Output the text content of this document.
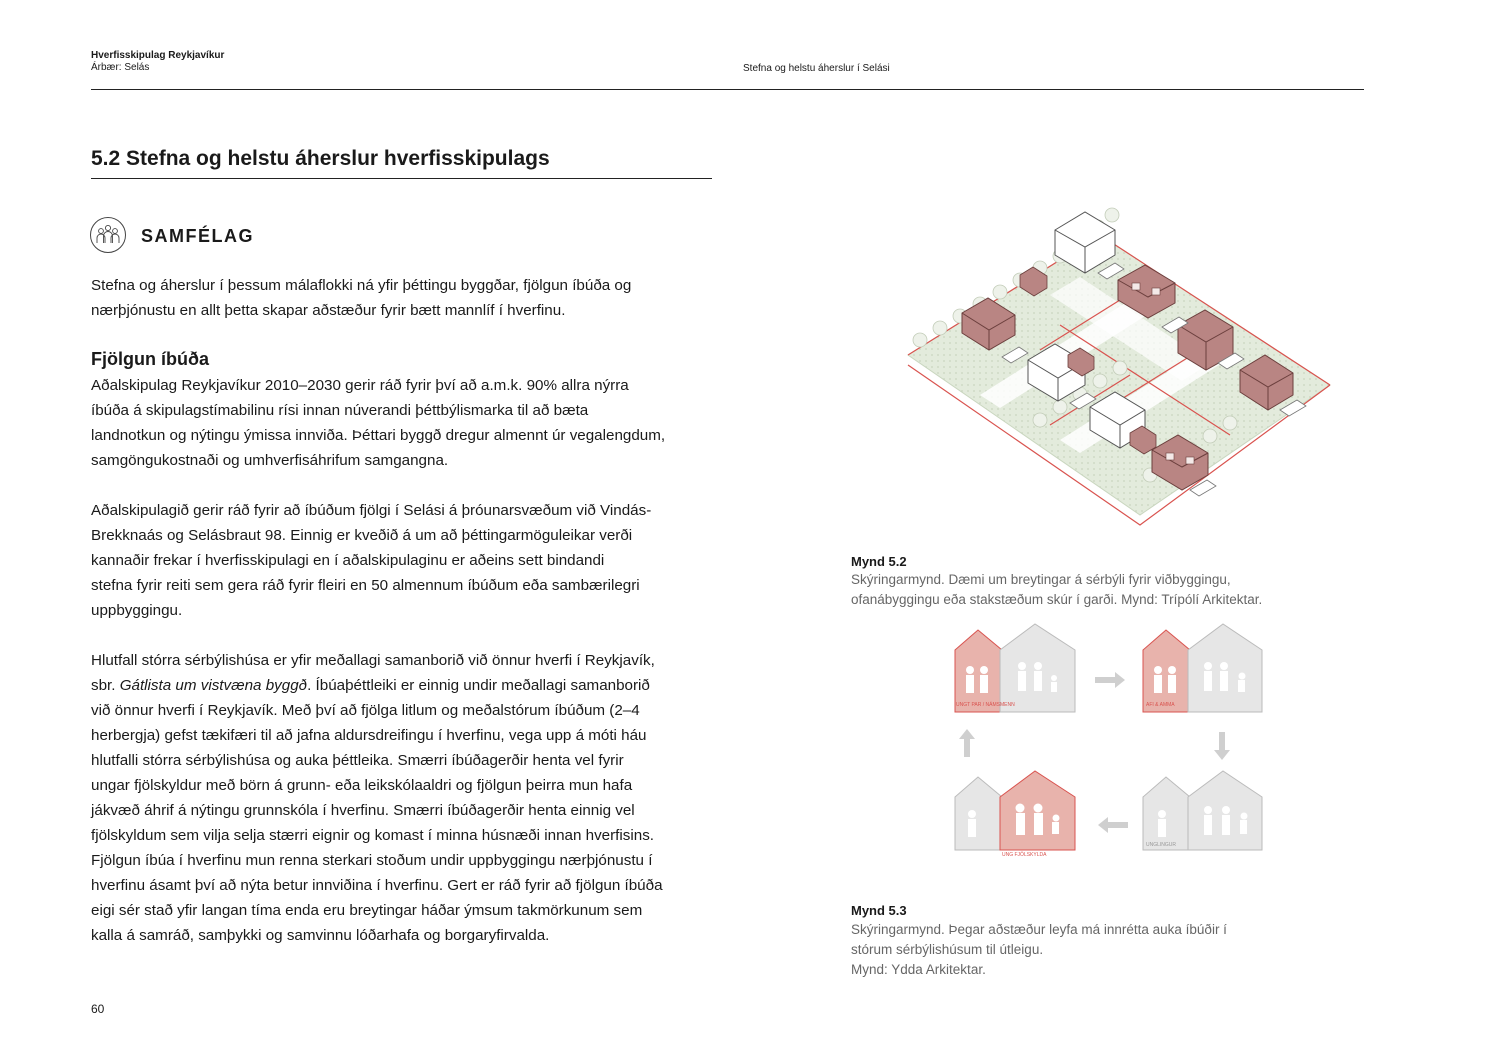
Hverfisskipulag Reykjavíkur
Árbær: Selás	Stefna og helstu áherslur í Selási
5.2 Stefna og helstu áherslur hverfisskipulags
SAMFÉLAG
Stefna og áherslur í þessum málaflokki ná yfir þéttingu byggðar, fjölgun íbúða og
nærþjónustu en allt þetta skapar aðstæður fyrir bætt mannlíf í hverfinu.
Fjölgun íbúða
Aðalskipulag Reykjavíkur 2010–2030 gerir ráð fyrir því að a.m.k. 90% allra nýrra
íbúða á skipulagstímabilinu rísi innan núverandi þéttbýlismarka til að bæta
landnotkun og nýtingu ýmissa innviða. Þéttari byggð dregur almennt úr vegalengdum,
samgöngukostnaði og umhverfisáhrifum samgangna.
Aðalskipulagið gerir ráð fyrir að íbúðum fjölgi í Selási á þróunarsvæðum við Vindás-
Brekknaás og Selásbraut 98. Einnig er kveðið á um að þéttingarmöguleikar verði
kannaðir frekar í hverfisskipulagi en í aðalskipulaginu er aðeins sett bindandi
stefna fyrir reiti sem gera ráð fyrir fleiri en 50 almennum íbúðum eða sambærilegri
uppbyggingu.
Hlutfall stórra sérbýlishúsa er yfir meðallagi samanborið við önnur hverfi í Reykjavík,
sbr. Gátlista um vistvæna byggð. Íbúaþéttleiki er einnig undir meðallagi samanborið
við önnur hverfi í Reykjavík. Með því að fjölga litlum og meðalstórum íbúðum (2–4
herbergja) gefst tækifæri til að jafna aldursdreifingu í hverfinu, vega upp á móti háu
hlutfalli stórra sérbýlishúsa og auka þéttleika. Smærri íbúðagerðir henta vel fyrir
ungar fjölskyldur með börn á grunn- eða leikskólaaldri og fjölgun þeirra mun hafa
jákvæð áhrif á nýtingu grunnskóla í hverfinu. Smærri íbúðagerðir henta einnig vel
fjölskyldum sem vilja selja stærri eignir og komast í minna húsnæði innan hverfisins.
Fjölgun íbúa í hverfinu mun renna sterkari stoðum undir uppbyggingu nærþjónustu í
hverfinu ásamt því að nýta betur innviðina í hverfinu. Gert er ráð fyrir að fjölgun íbúða
eigi sér stað yfir langan tíma enda eru breytingar háðar ýmsum takmörkunum sem
kalla á samráð, samþykki og samvinnu lóðarhafa og borgaryfirvalda.
60
Mynd 5.2
Skýringarmynd. Dæmi um breytingar á sérbýli fyrir viðbyggingu,
ofanábyggingu eða stakstæðum skúr í garði. Mynd: Trípólí Arkitektar.
UNGT PAR / NÁMSMENN	AFI & AMMA
UNGLINGUR
UNG FJÖLSKYLDA
Mynd 5.3
Skýringarmynd. Þegar aðstæður leyfa má innrétta auka íbúðir í
stórum sérbýlishúsum til útleigu.
Mynd: Ydda Arkitektar.
